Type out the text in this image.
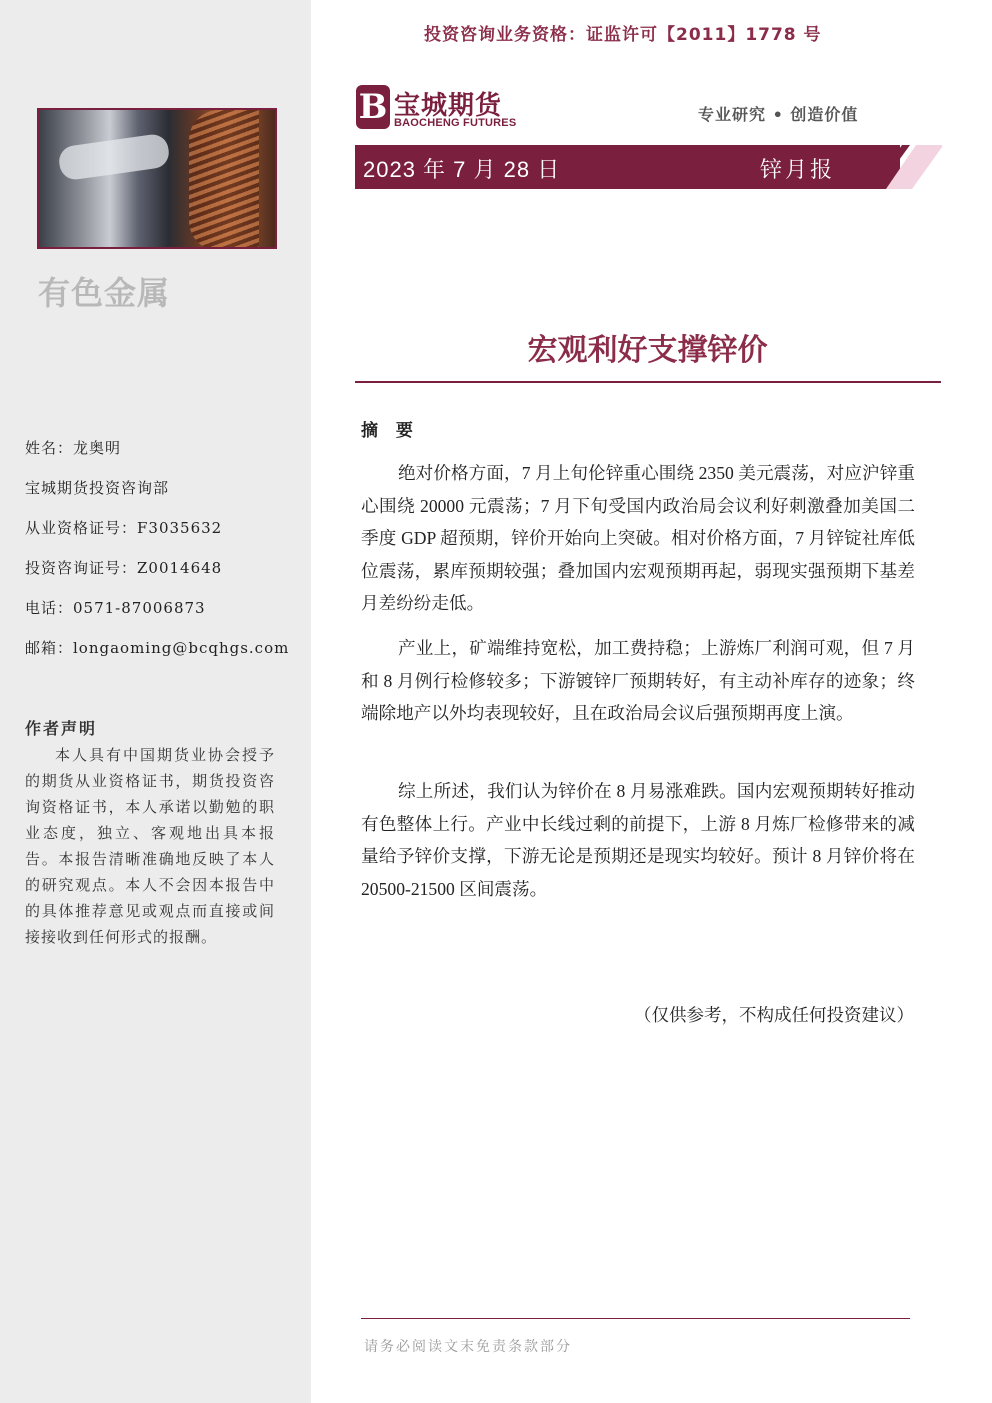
有色金属
姓名：龙奥明
宝城期货投资咨询部
从业资格证号：F3035632
投资咨询证号：Z0014648
电话：0571-87006873
邮箱：longaoming@bcqhgs.com
作者声明
本人具有中国期货业协会授予的期货从业资格证书，期货投资咨询资格证书，本人承诺以勤勉的职业态度，独立、客观地出具本报告。本报告清晰准确地反映了本人的研究观点。本人不会因本报告中的具体推荐意见或观点而直接或间接接收到任何形式的报酬。
投资咨询业务资格：证监许可【2011】1778 号
B 宝城期货
BAOCHENG FUTURES	专业研究 • 创造价值
2023 年 7 月 28 日	锌月报
宏观利好支撑锌价
摘 要
绝对价格方面，7 月上旬伦锌重心围绕 2350 美元震荡，对应沪锌重心围绕 20000 元震荡；7 月下旬受国内政治局会议利好刺激叠加美国二季度 GDP 超预期，锌价开始向上突破。相对价格方面，7 月锌锭社库低位震荡，累库预期较强；叠加国内宏观预期再起，弱现实强预期下基差月差纷纷走低。
产业上，矿端维持宽松，加工费持稳；上游炼厂利润可观，但 7 月和 8 月例行检修较多；下游镀锌厂预期转好，有主动补库存的迹象；终端除地产以外均表现较好，且在政治局会议后强预期再度上演。
综上所述，我们认为锌价在 8 月易涨难跌。国内宏观预期转好推动有色整体上行。产业中长线过剩的前提下，上游 8 月炼厂检修带来的减量给予锌价支撑，下游无论是预期还是现实均较好。预计 8 月锌价将在 20500-21500 区间震荡。
（仅供参考，不构成任何投资建议）
请务必阅读文末免责条款部分
